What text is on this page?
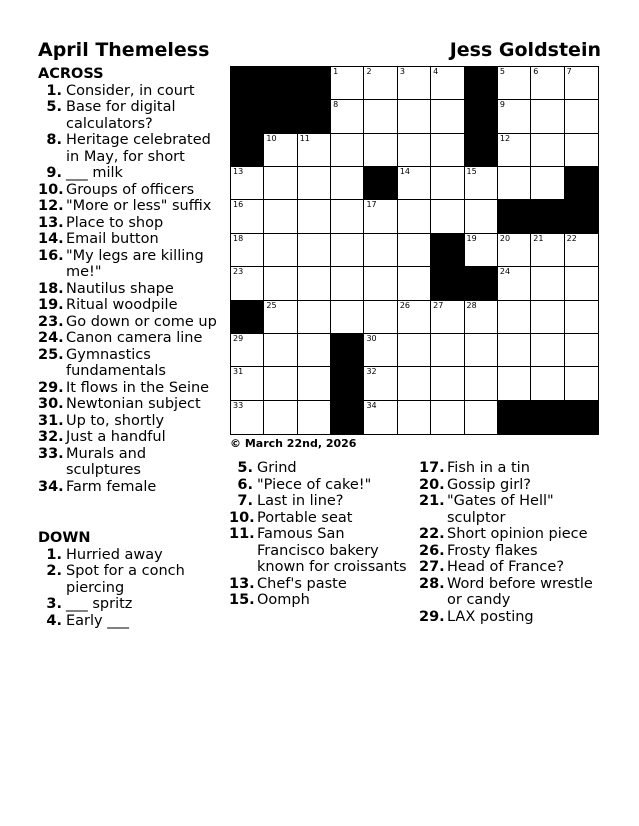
April Themeless	Jess Goldstein
ACROSS
1. Consider, in court
5. Base for digital calculators?
8. Heritage celebrated in May, for short
9. ___ milk
10. Groups of officers
12. "More or less" suffix
13. Place to shop
14. Email button
16. "My legs are killing me!"
18. Nautilus shape
19. Ritual woodpile
23. Go down or come up
24. Canon camera line
25. Gymnastics fundamentals
29. It flows in the Seine
30. Newtonian subject
31. Up to, shortly
32. Just a handful
33. Murals and sculptures
34. Farm female
DOWN
1. Hurried away
2. Spot for a conch piercing
3. ___ spritz
4. Early ___
5. Grind
6. "Piece of cake!"
7. Last in line?
10. Portable seat
11. Famous San Francisco bakery known for croissants
13. Chef's paste
15. Oomph
17. Fish in a tin
20. Gossip girl?
21. "Gates of Hell" sculptor
22. Short opinion piece
26. Frosty flakes
27. Head of France?
28. Word before wrestle or candy
29. LAX posting
1	2	3	4	5	6	7
8	9
10	11	12
13	14	15
16	17
18	19	20	21	22
23	24
25	26	27	28
29	30
31	32
33	34
© March 22nd, 2026
